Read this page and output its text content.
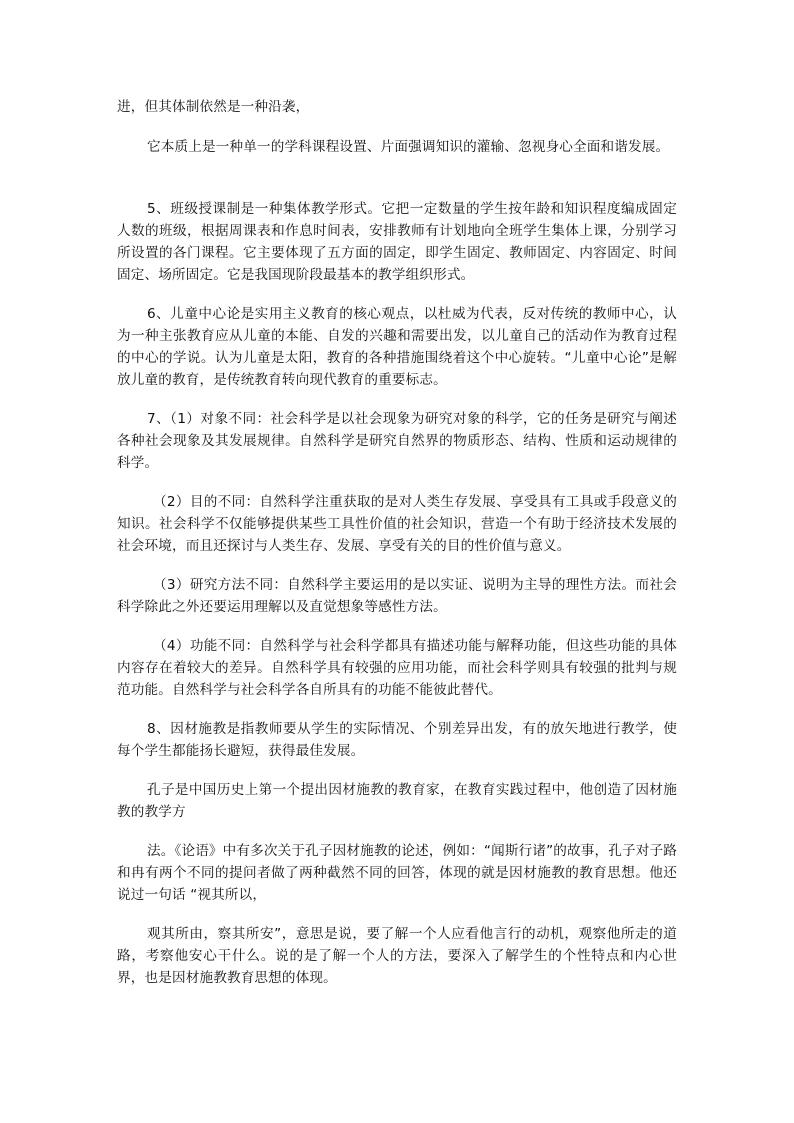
进，但其体制依然是一种沿袭，

它本质上是一种单一的学科课程设置、片面强调知识的灌输、忽视身心全面和谐发展。

5、班级授课制是一种集体教学形式。它把一定数量的学生按年龄和知识程度编成固定人数的班级，根据周课表和作息时间表，安排教师有计划地向全班学生集体上课，分别学习所设置的各门课程。它主要体现了五方面的固定，即学生固定、教师固定、内容固定、时间固定、场所固定。它是我国现阶段最基本的教学组织形式。

6、儿童中心论是实用主义教育的核心观点，以杜威为代表，反对传统的教师中心，认为一种主张教育应从儿童的本能、自发的兴趣和需要出发，以儿童自己的活动作为教育过程的中心的学说。认为儿童是太阳，教育的各种措施围绕着这个中心旋转。“儿童中心论”是解放儿童的教育，是传统教育转向现代教育的重要标志。

7、（1）对象不同：社会科学是以社会现象为研究对象的科学，它的任务是研究与阐述各种社会现象及其发展规律。自然科学是研究自然界的物质形态、结构、性质和运动规律的科学。

（2）目的不同：自然科学注重获取的是对人类生存发展、享受具有工具或手段意义的知识。社会科学不仅能够提供某些工具性价值的社会知识，营造一个有助于经济技术发展的社会环境，而且还探讨与人类生存、发展、享受有关的目的性价值与意义。

（3）研究方法不同：自然科学主要运用的是以实证、说明为主导的理性方法。而社会科学除此之外还要运用理解以及直觉想象等感性方法。

（4）功能不同：自然科学与社会科学都具有描述功能与解释功能，但这些功能的具体内容存在着较大的差异。自然科学具有较强的应用功能，而社会科学则具有较强的批判与规范功能。自然科学与社会科学各自所具有的功能不能彼此替代。

8、因材施教是指教师要从学生的实际情况、个别差异出发，有的放矢地进行教学，使每个学生都能扬长避短，获得最佳发展。

孔子是中国历史上第一个提出因材施教的教育家，在教育实践过程中，他创造了因材施教的教学方

法。《论语》中有多次关于孔子因材施教的论述，例如：“闻斯行诸”的故事，孔子对子路和冉有两个不同的提问者做了两种截然不同的回答，体现的就是因材施教的教育思想。他还说过一句话 “视其所以，

观其所由，察其所安”，意思是说，要了解一个人应看他言行的动机，观察他所走的道路，考察他安心干什么。说的是了解一个人的方法，要深入了解学生的个性特点和内心世界，也是因材施教教育思想的体现。
